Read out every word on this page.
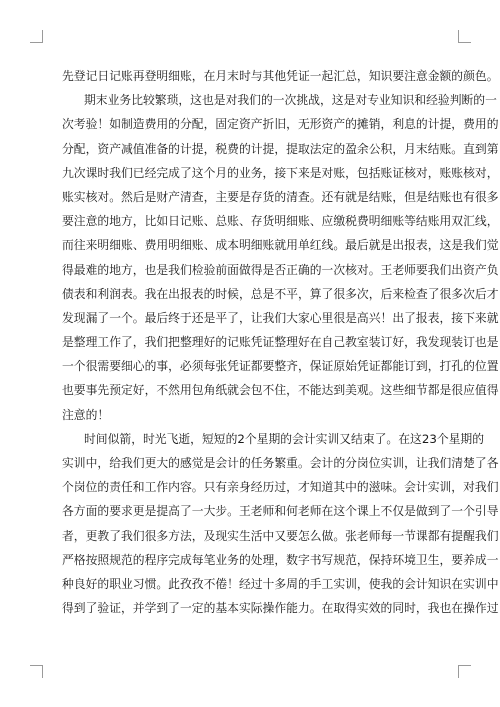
先登记日记账再登明细账，在月末时与其他凭证一起汇总，知识要注意金额的颜色。
期末业务比较繁琐，这也是对我们的一次挑战，这是对专业知识和经验判断的一
次考验！如制造费用的分配，固定资产折旧，无形资产的摊销，利息的计提，费用的
分配，资产减值准备的计提，税费的计提，提取法定的盈余公积，月末结账。直到第
九次课时我们已经完成了这个月的业务，接下来是对账，包括账证核对，账账核对，
账实核对。然后是财产清查，主要是存货的清查。还有就是结账，但是结账也有很多
要注意的地方，比如日记账、总账、存货明细账、应缴税费明细账等结账用双汇线，
而往来明细账、费用明细账、成本明细账就用单红线。最后就是出报表，这是我们觉
得最难的地方，也是我们检验前面做得是否正确的一次核对。王老师要我们出资产负
债表和利润表。我在出报表的时候，总是不平，算了很多次，后来检查了很多次后才
发现漏了一个。最后终于还是平了，让我们大家心里很是高兴！出了报表，接下来就
是整理工作了，我们把整理好的记账凭证整理好在自己教室装订好，我发现装订也是
一个很需要细心的事，必须每张凭证都要整齐，保证原始凭证都能订到，打孔的位置
也要事先预定好，不然用包角纸就会包不住，不能达到美观。这些细节都是很应值得
注意的！
时间似箭，时光飞逝，短短的2个星期的会计实训又结束了。在这23个星期的
实训中，给我们更大的感觉是会计的任务繁重。会计的分岗位实训，让我们清楚了各
个岗位的责任和工作内容。只有亲身经历过，才知道其中的滋味。会计实训，对我们
各方面的要求更是提高了一大步。王老师和何老师在这个课上不仅是做到了一个引导
者，更教了我们很多方法，及现实生活中又要怎么做。张老师每一节课都有提醒我们
严格按照规范的程序完成每笔业务的处理，数字书写规范，保持环境卫生，要养成一
种良好的职业习惯。此孜孜不倦！经过十多周的手工实训，使我的会计知识在实训中
得到了验证，并学到了一定的基本实际操作能力。在取得实效的同时，我也在操作过
